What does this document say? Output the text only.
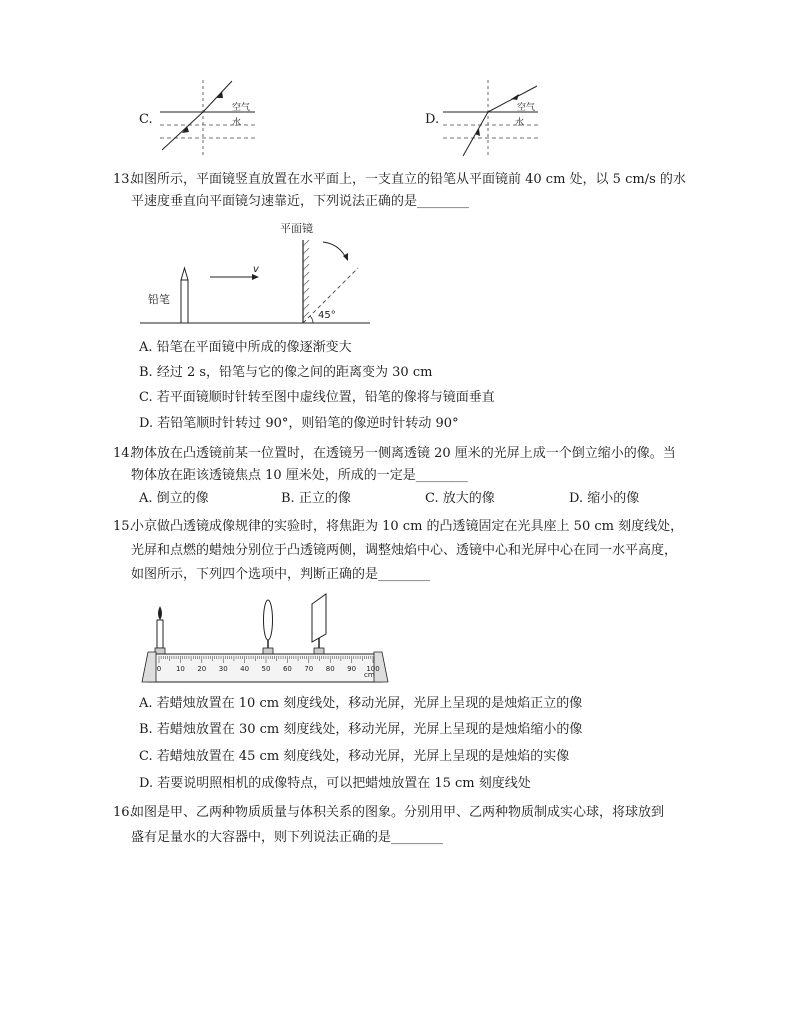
C.
空气
水	D.
空气
水
13.
如图所示，平面镜竖直放置在水平面上，一支直立的铅笔从平面镜前 40 cm 处，以 5 cm/s 的水
平速度垂直向平面镜匀速靠近，下列说法正确的是________
铅笔
v
平面镜
45°
A. 铅笔在平面镜中所成的像逐渐变大
B. 经过 2 s，铅笔与它的像之间的距离变为 30 cm
C. 若平面镜顺时针转至图中虚线位置，铅笔的像将与镜面垂直
D. 若铅笔顺时针转过 90°，则铅笔的像逆时针转动 90°
14.
物体放在凸透镜前某一位置时，在透镜另一侧离透镜 20 厘米的光屏上成一个倒立缩小的像。当
物体放在距该透镜焦点 10 厘米处，所成的一定是________
A. 倒立的像	B. 正立的像	C. 放大的像	D. 缩小的像
15.
小京做凸透镜成像规律的实验时，将焦距为 10 cm 的凸透镜固定在光具座上 50 cm 刻度线处，
光屏和点燃的蜡烛分别位于凸透镜两侧，调整烛焰中心、透镜中心和光屏中心在同一水平高度，
如图所示，下列四个选项中，判断正确的是________
0 10 20 30 40 50 60 70 80 90 100
cm
A. 若蜡烛放置在 10 cm 刻度线处，移动光屏，光屏上呈现的是烛焰正立的像
B. 若蜡烛放置在 30 cm 刻度线处，移动光屏，光屏上呈现的是烛焰缩小的像
C. 若蜡烛放置在 45 cm 刻度线处，移动光屏，光屏上呈现的是烛焰的实像
D. 若要说明照相机的成像特点，可以把蜡烛放置在 15 cm 刻度线处
16.
如图是甲、乙两种物质质量与体积关系的图象。分别用甲、乙两种物质制成实心球，将球放到
盛有足量水的大容器中，则下列说法正确的是________
